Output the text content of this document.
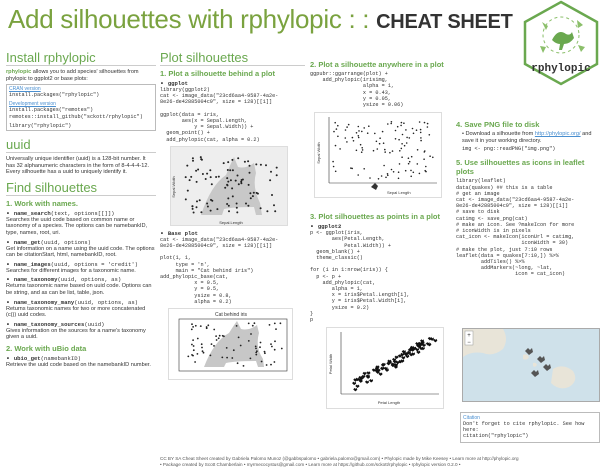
Add silhouettes with rphylopic : : CHEAT SHEET
rphylopic
Install rphylopic

rphylopic allows you to add species' silhouettes from phylopic to ggplot2 or base plots:

CRAN version
install.packages("rphylopic")
Development version
install.packages("remotes")
remotes::install_github("sckott/rphylopic")
library("rphylopic")
uuid

Universally unique identifier (uuid) is a 128-bit number. It has 32 alphanumeric characters in the form of 8-4-4-4-12. Every silhouette has a uuid to uniquely identify it.

Find silhouettes
1. Work with names.
• name_search(text, options[[]])

Searches the uuid code based on common name or taxonomy of a species. The options can be namebankID, type, names, root, uri.

• name_get(uuid, options)

Get information on a name using the uuid code. The options can be citationStart, html, namebankID, root.

• name_images(uuid, options = 'credit')

Searches for different images for a taxonomic name.

• name_taxonomy(uuid, options, as)

Returns taxonomic name based on uuid code. Options can be string, and as can be list, table, json.

• name_taxonomy_many(uuid, options, as)

Returns taxonomic names for two or more concatenated (c()) uuid codes.

• name_taxonomy_sources(uuid)

Gives information on the sources for a name's taxonomy given a uuid.

2. Work with uBio data
• ubio_get(namebankID)

Retrieve the uuid code based on the namebankID number.

Plot silhouettes
1. Plot a silhouette behind a plot
• ggplot
library(ggplot2)
cat <- image_data("23cd6aa4-9587-4a2e-
8e26-de42885004c9", size = 128)[[1]]

ggplot(data = iris,
aes(x = Sepal.Length,
y = Sepal.Width)) +
geom_point() +
add_phylopic(cat, alpha = 0.2)
Sepal.Length
Sepal.Width
• Base plot
cat <- image_data("23cd6aa4-9587-4a2e-
8e26-de42885004c9", size = 128)[[1]]

plot(1, 1,
type = 'n',
main = "Cat behind iris")
add_phylopic_base(cat,
x = 0.5,
y = 0.5,
ysize = 0.8,
alpha = 0.2)
Cat behind iris
2. Plot a silhouette anywhere in a plot
ggpubr::ggarrange(plot) +
add_phylopic(irisimg,
alpha = 1,
x = 0.43,
y = 0.05,
ysize = 0.06)
Sepal Length
Sepal Width
3. Plot silhouettes as points in a plot
• ggplot2
p <- ggplot(iris,
aes(Petal.Length,
Petal.Width)) +
geom_blank() +
theme_classic()

for (i in 1:nrow(iris)) {
p <- p +
add_phylopic(cat,
alpha = 1,
x = iris$Petal.Length[i],
y = iris$Petal.Width[i],
ysize = 0.2)
}
p
Petal Length
Petal Width
4. Save PNG file to disk

• Download a silhouette from http://phylopic.org/ and save it in your working directory.

img <- png::readPNG("img.png")
5. Use silhouettes as icons in leaflet plots
library(leaflet)
data(quakes) ## this is a table
# get an image
cat <- image_data("23cd6aa4-9587-4a2e-
8e26-de42885004c9", size = 128)[[1]]
# save to disk
catimg <- save_png(cat)
# make an icon. See ?makeIcon for more
# iconWidth is in pixels
cat_icon <- makeIcon(iconUrl = catimg,
iconWidth = 30)
# make the plot, just 7:10 rows
leaflet(data = quakes[7:10,]) %>%
addTiles() %>%
addMarkers(~long, ~lat,
icon = cat_icon)
+
−
Citation
Don't forget to cite rphylopic. See how here:
citation("rphylopic")
CC BY SA Cheat Sheet created by Gabriela Palomo Munoz (@gabbspalomo • gabriela.palomo@gmail.com) • Phylopic made by Mike Keesey • Learn more at http://phylopic.org
• Package created by Scott Chamberlain • myrmecocystus@gmail.com • Learn more at https://github.com/sckott/rphylopic • rphylopic version 0.2.0 •
